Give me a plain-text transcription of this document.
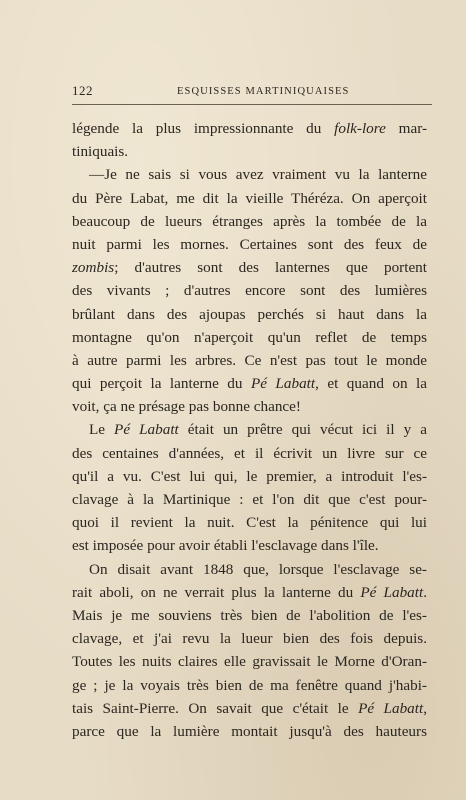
122	ESQUISSES MARTINIQUAISES
légende la plus impressionnante du folk-lore mar-
tiniquais.
—Je ne sais si vous avez vraiment vu la lanterne
du Père Labat, me dit la vieille Théréza. On aperçoit
beaucoup de lueurs étranges après la tombée de la
nuit parmi les mornes. Certaines sont des feux de
zombis; d'autres sont des lanternes que portent
des vivants ; d'autres encore sont des lumières
brûlant dans des ajoupas perchés si haut dans la
montagne qu'on n'aperçoit qu'un reflet de temps
à autre parmi les arbres. Ce n'est pas tout le monde
qui perçoit la lanterne du Pé Labatt, et quand on la
voit, ça ne présage pas bonne chance!
Le Pé Labatt était un prêtre qui vécut ici il y a
des centaines d'années, et il écrivit un livre sur ce
qu'il a vu. C'est lui qui, le premier, a introduit l'es-
clavage à la Martinique : et l'on dit que c'est pour-
quoi il revient la nuit. C'est la pénitence qui lui
est imposée pour avoir établi l'esclavage dans l'île.
On disait avant 1848 que, lorsque l'esclavage se-
rait aboli, on ne verrait plus la lanterne du Pé Labatt.
Mais je me souviens très bien de l'abolition de l'es-
clavage, et j'ai revu la lueur bien des fois depuis.
Toutes les nuits claires elle gravissait le Morne d'Oran-
ge ; je la voyais très bien de ma fenêtre quand j'habi-
tais Saint-Pierre. On savait que c'était le Pé Labatt,
parce que la lumière montait jusqu'à des hauteurs
